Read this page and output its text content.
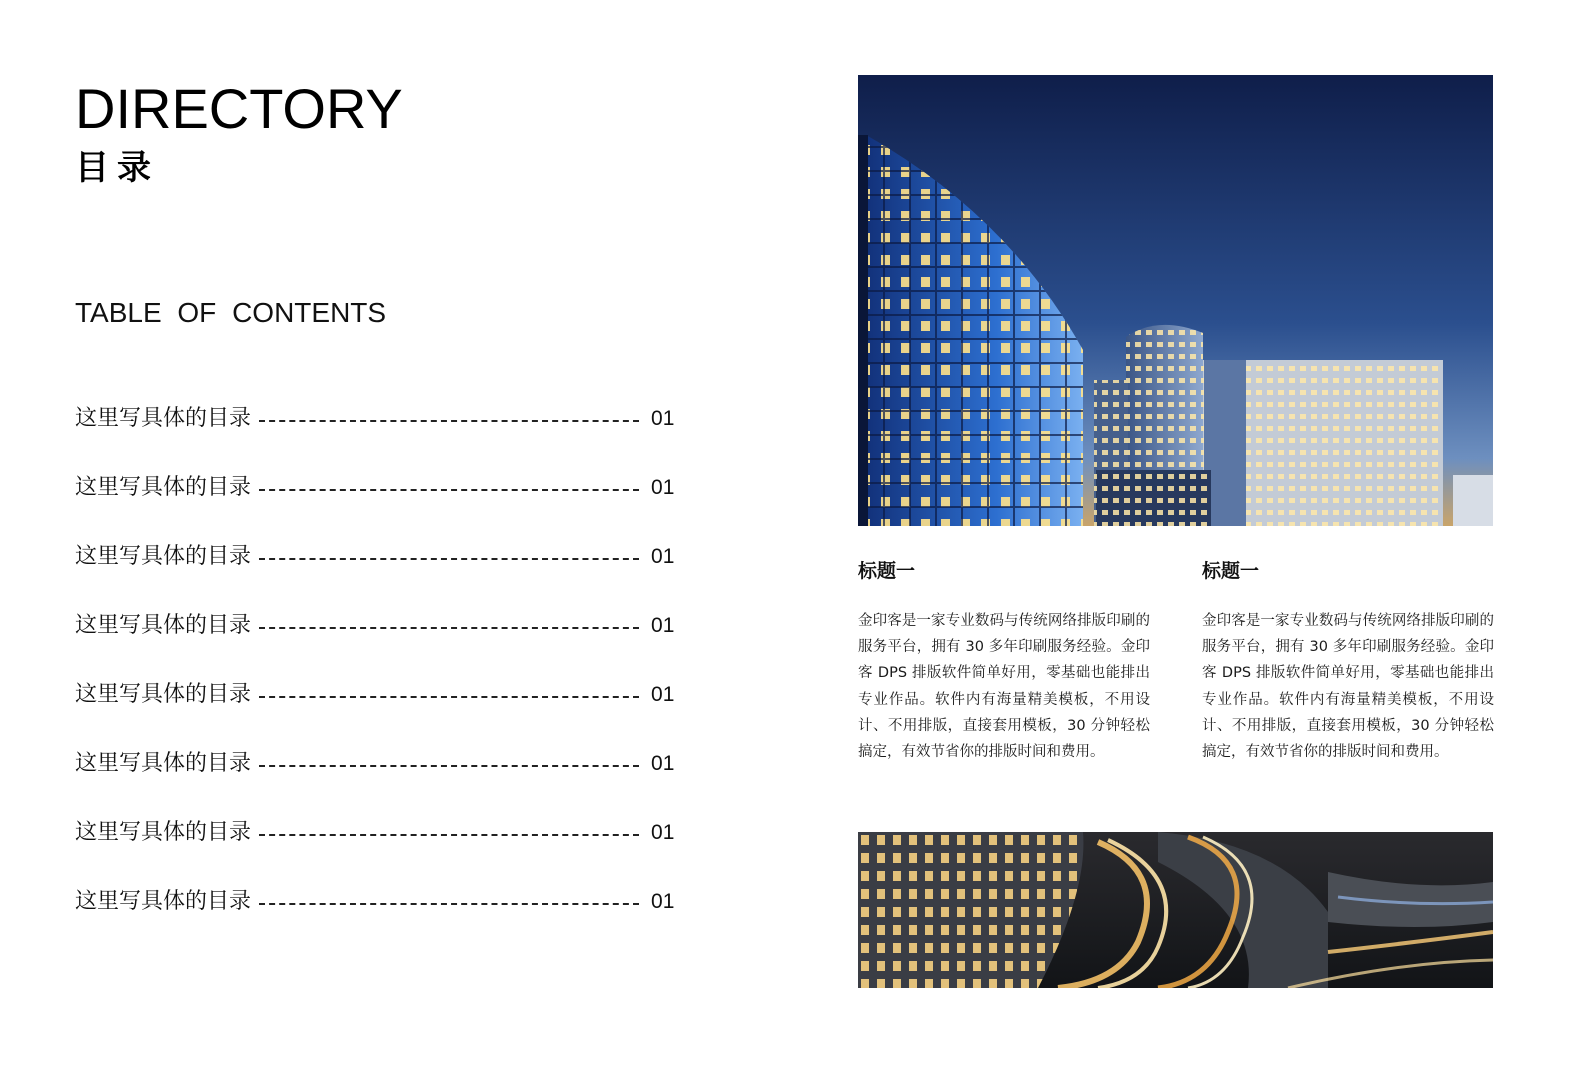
DIRECTORY
目录
TABLE OF CONTENTS
这里写具体的目录	01
这里写具体的目录	01
这里写具体的目录	01
这里写具体的目录	01
这里写具体的目录	01
这里写具体的目录	01
这里写具体的目录	01
这里写具体的目录	01
标题一

金印客是一家专业数码与传统网络排版印刷的服务平台，拥有 30 多年印刷服务经验。金印客 DPS 排版软件简单好用，零基础也能排出专业作品。软件内有海量精美模板，不用设计、不用排版，直接套用模板，30 分钟轻松搞定，有效节省你的排版时间和费用。

标题一

金印客是一家专业数码与传统网络排版印刷的服务平台，拥有 30 多年印刷服务经验。金印客 DPS 排版软件简单好用，零基础也能排出专业作品。软件内有海量精美模板，不用设计、不用排版，直接套用模板，30 分钟轻松搞定，有效节省你的排版时间和费用。
